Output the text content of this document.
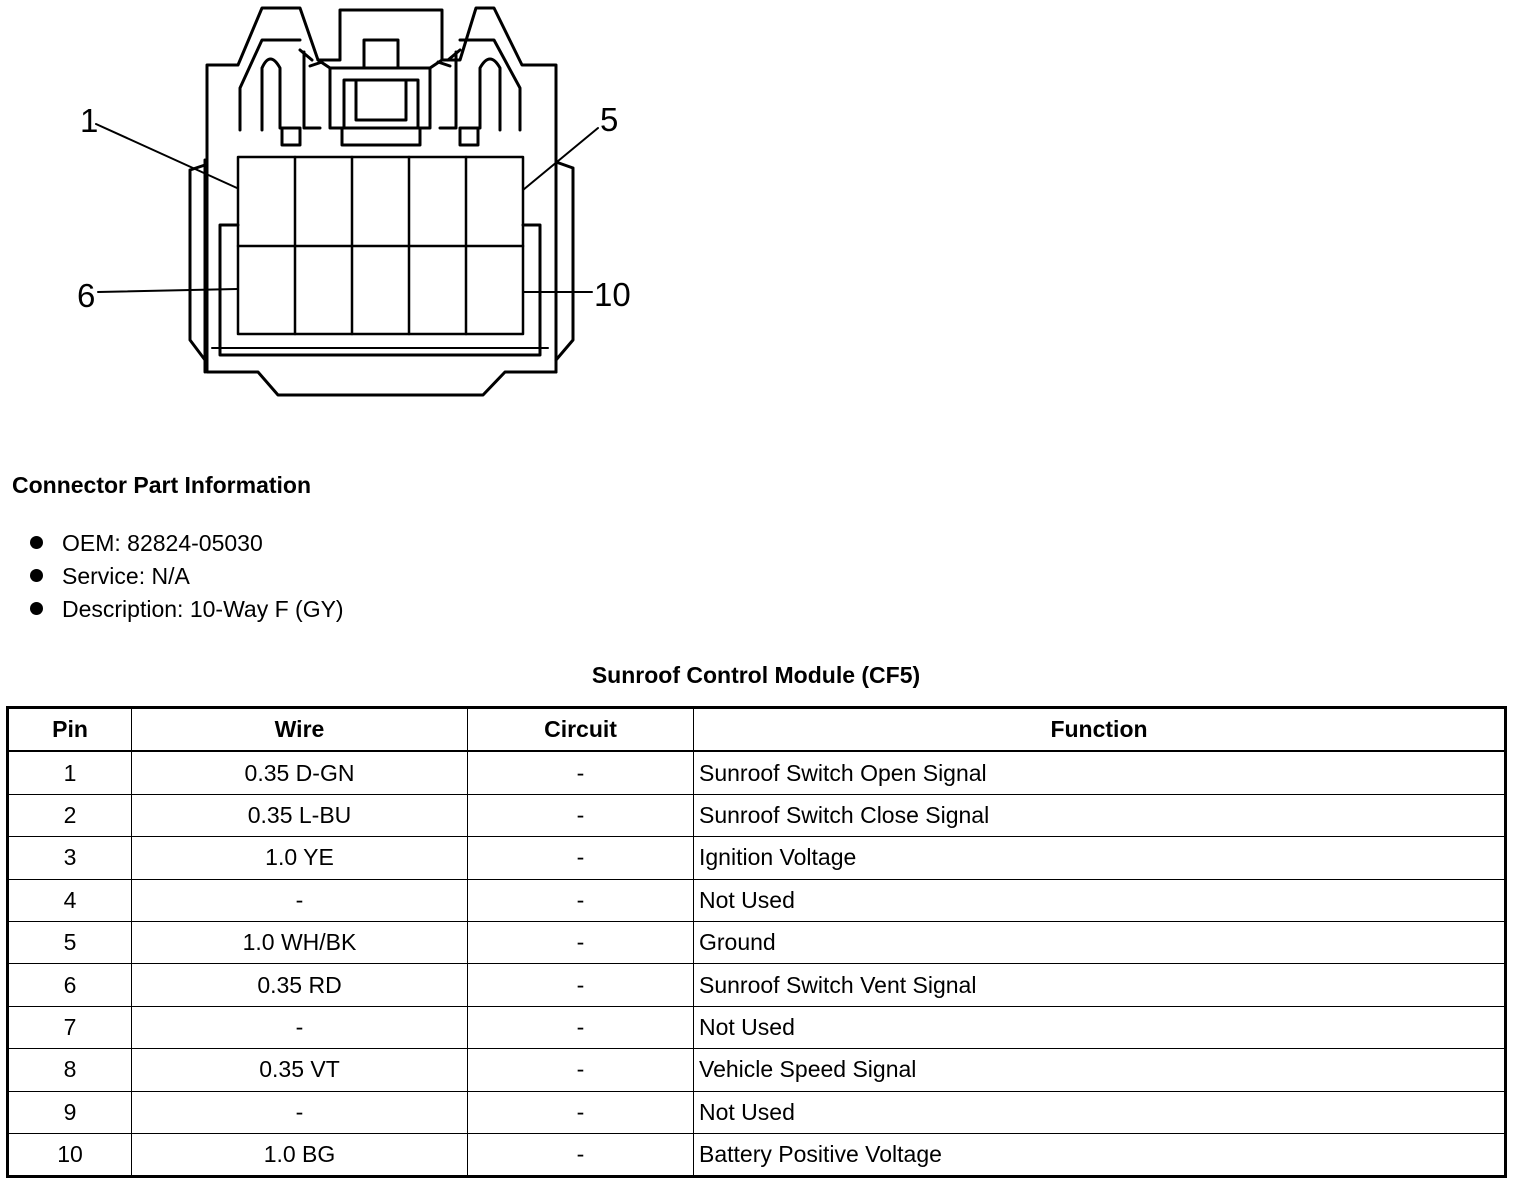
1	5
6	10
Connector Part Information
OEM: 82824-05030
Service: N/A
Description: 10-Way F (GY)
Sunroof Control Module (CF5)
Pin	Wire	Circuit	Function
1	0.35 D-GN	-	Sunroof Switch Open Signal
2	0.35 L-BU	-	Sunroof Switch Close Signal
3	1.0 YE	-	Ignition Voltage
4	-	-	Not Used
5	1.0 WH/BK	-	Ground
6	0.35 RD	-	Sunroof Switch Vent Signal
7	-	-	Not Used
8	0.35 VT	-	Vehicle Speed Signal
9	-	-	Not Used
10	1.0 BG	-	Battery Positive Voltage
